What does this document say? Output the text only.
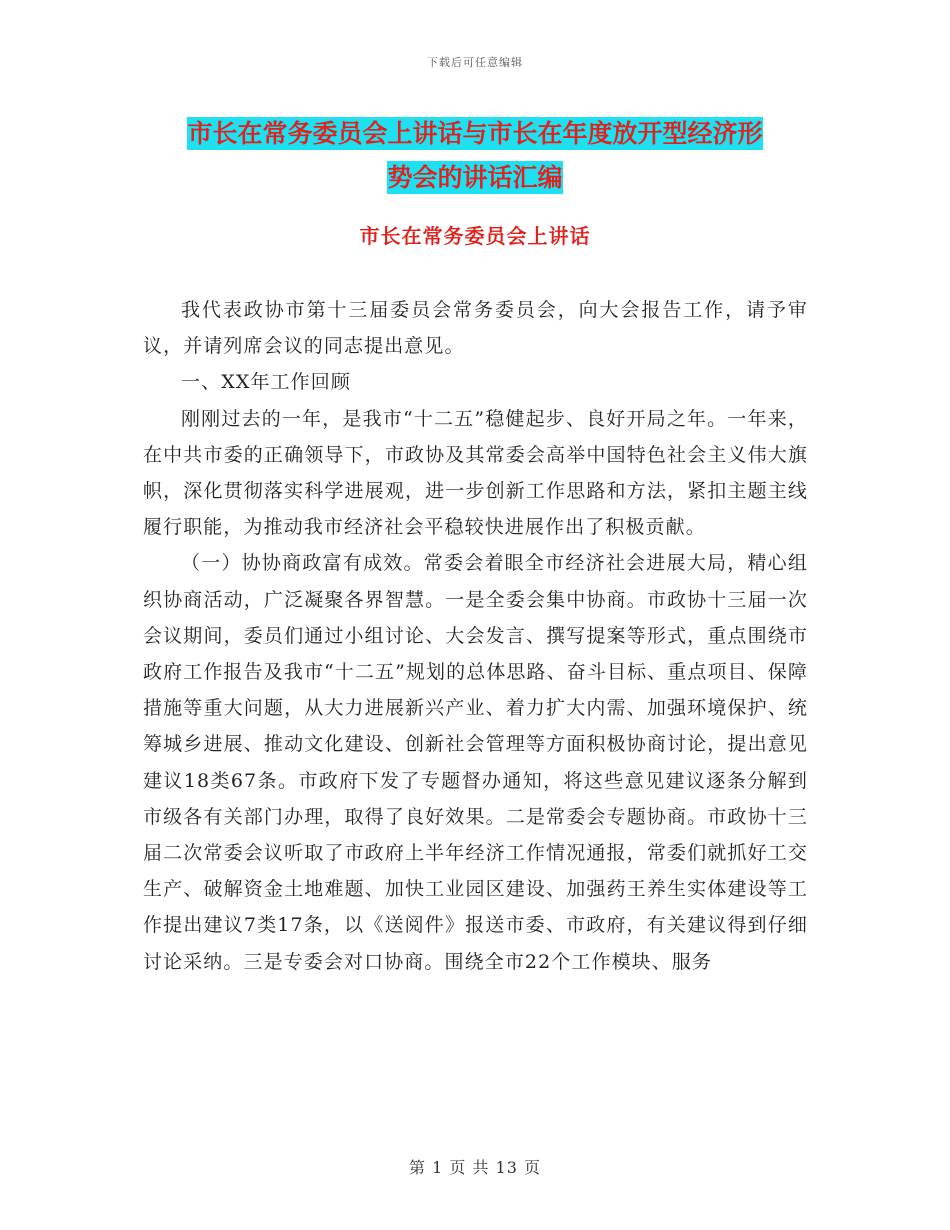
下载后可任意编辑
市长在常务委员会上讲话与市长在年度放开型经济形
势会的讲话汇编
市长在常务委员会上讲话

我代表政协市第十三届委员会常务委员会，向大会报告工作，请予审议，并请列席会议的同志提出意见。

一、XX年工作回顾

刚刚过去的一年，是我市“十二五”稳健起步、良好开局之年。一年来，在中共市委的正确领导下，市政协及其常委会高举中国特色社会主义伟大旗帜，深化贯彻落实科学进展观，进一步创新工作思路和方法，紧扣主题主线履行职能，为推动我市经济社会平稳较快进展作出了积极贡献。

（一）协协商政富有成效。常委会着眼全市经济社会进展大局，精心组织协商活动，广泛凝聚各界智慧。一是全委会集中协商。市政协十三届一次会议期间，委员们通过小组讨论、大会发言、撰写提案等形式，重点围绕市政府工作报告及我市“十二五”规划的总体思路、奋斗目标、重点项目、保障措施等重大问题，从大力进展新兴产业、着力扩大内需、加强环境保护、统筹城乡进展、推动文化建设、创新社会管理等方面积极协商讨论，提出意见建议18类67条。市政府下发了专题督办通知，将这些意见建议逐条分解到市级各有关部门办理，取得了良好效果。二是常委会专题协商。市政协十三届二次常委会议听取了市政府上半年经济工作情况通报，常委们就抓好工交生产、破解资金土地难题、加快工业园区建设、加强药王养生实体建设等工作提出建议7类17条，以《送阅件》报送市委、市政府，有关建议得到仔细讨论采纳。三是专委会对口协商。围绕全市22个工作模块、服务

第 1 页 共 13 页
